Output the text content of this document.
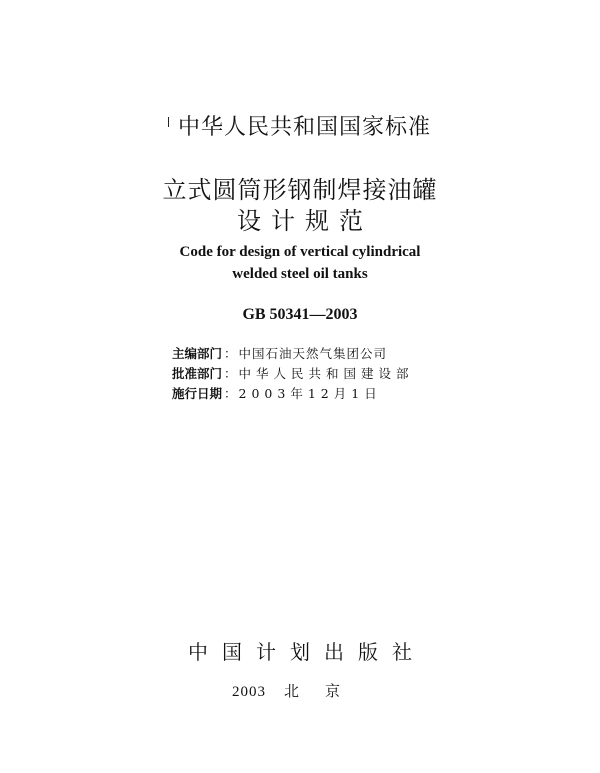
中华人民共和国国家标准
立式圆筒形钢制焊接油罐
设计规范
Code for design of vertical cylindrical
welded steel oil tanks
GB 50341—2003
主编部门 ： 中国石油天然气集团公司
批准部门 ： 中华人民共和国建设部
施行日期 ： 2003年12月1日
中国计划出版社
2003 北京
